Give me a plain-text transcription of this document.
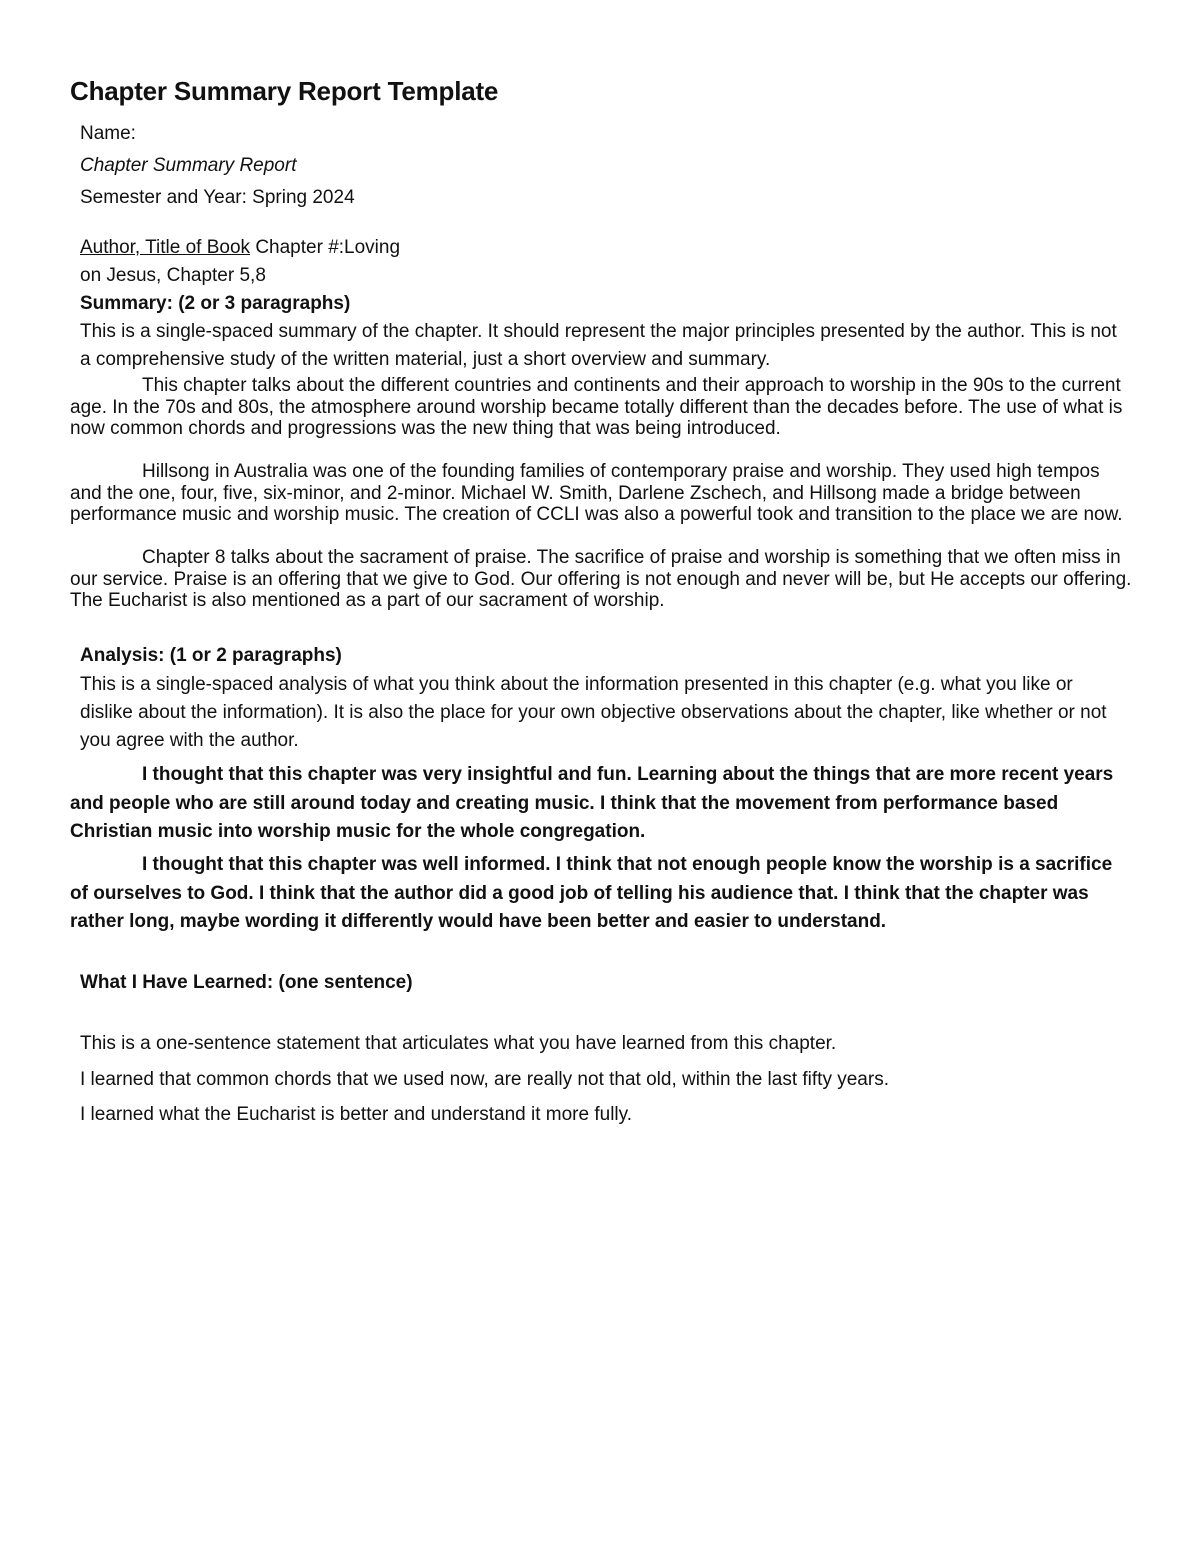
Chapter Summary Report Template

Name:

Chapter Summary Report

Semester and Year: Spring 2024

Author, Title of Book Chapter #:Loving

on Jesus, Chapter 5,8

Summary: (2 or 3 paragraphs)

This is a single-spaced summary of the chapter. It should represent the major principles presented by the author. This is not a comprehensive study of the written material, just a short overview and summary.

This chapter talks about the different countries and continents and their approach to worship in the 90s to the current age. In the 70s and 80s, the atmosphere around worship became totally different than the decades before. The use of what is now common chords and progressions was the new thing that was being introduced.

Hillsong in Australia was one of the founding families of contemporary praise and worship. They used high tempos and the one, four, five, six-minor, and 2-minor. Michael W. Smith, Darlene Zschech, and Hillsong made a bridge between performance music and worship music. The creation of CCLI was also a powerful took and transition to the place we are now.

Chapter 8 talks about the sacrament of praise. The sacrifice of praise and worship is something that we often miss in our service. Praise is an offering that we give to God. Our offering is not enough and never will be, but He accepts our offering. The Eucharist is also mentioned as a part of our sacrament of worship.

Analysis: (1 or 2 paragraphs)

This is a single-spaced analysis of what you think about the information presented in this chapter (e.g. what you like or dislike about the information). It is also the place for your own objective observations about the chapter, like whether or not you agree with the author.

I thought that this chapter was very insightful and fun. Learning about the things that are more recent years and people who are still around today and creating music. I think that the movement from performance based Christian music into worship music for the whole congregation.

I thought that this chapter was well informed. I think that not enough people know the worship is a sacrifice of ourselves to God. I think that the author did a good job of telling his audience that. I think that the chapter was rather long, maybe wording it differently would have been better and easier to understand.

What I Have Learned: (one sentence)

This is a one-sentence statement that articulates what you have learned from this chapter.

I learned that common chords that we used now, are really not that old, within the last fifty years.

I learned what the Eucharist is better and understand it more fully.
